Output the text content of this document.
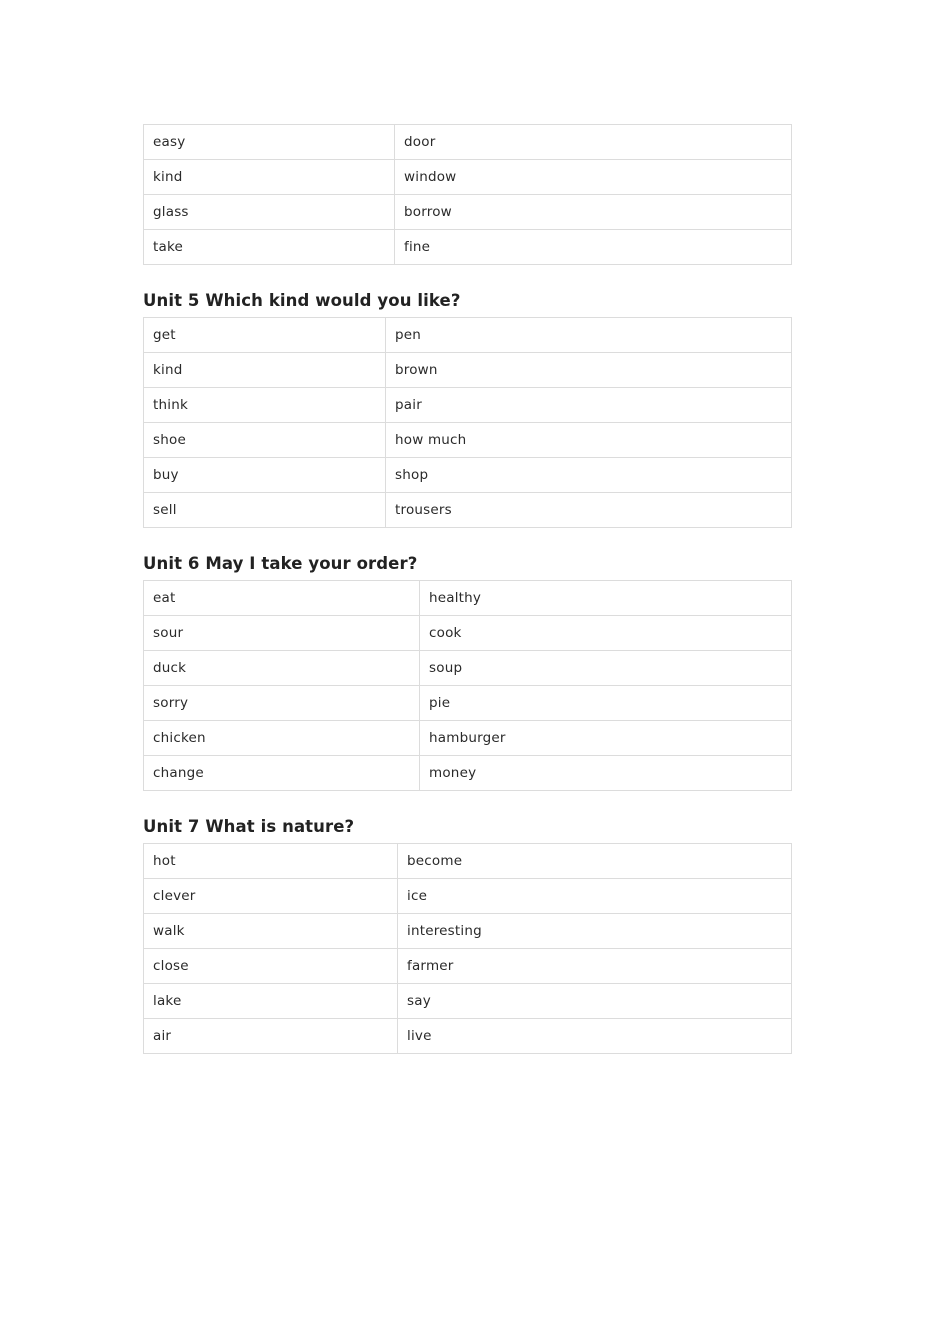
easy	door
kind	window
glass	borrow
take	fine
Unit 5 Which kind would you like?
get	pen
kind	brown
think	pair
shoe	how much
buy	shop
sell	trousers
Unit 6 May I take your order?
eat	healthy
sour	cook
duck	soup
sorry	pie
chicken	hamburger
change	money
Unit 7 What is nature?
hot	become
clever	ice
walk	interesting
close	farmer
lake	say
air	live
